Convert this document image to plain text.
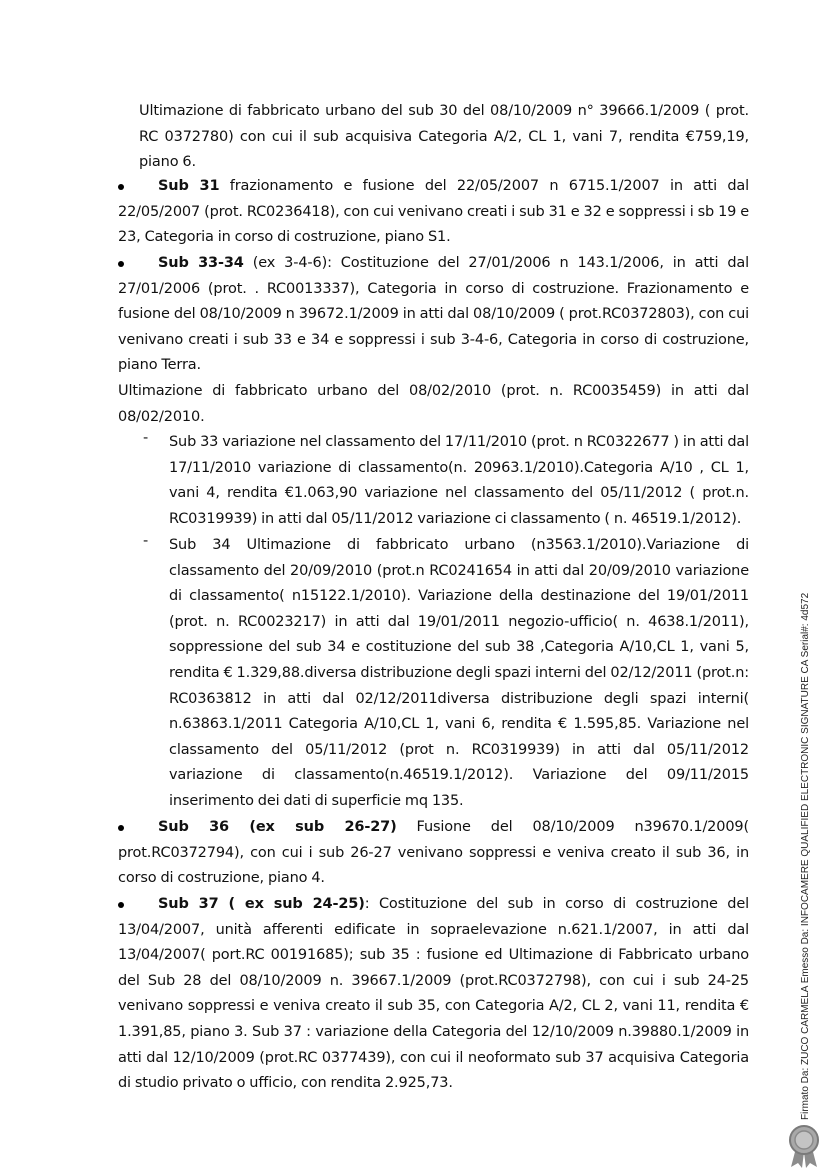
Ultimazione di fabbricato urbano del sub 30 del 08/10/2009 n° 39666.1/2009 ( prot. RC 0372780) con cui il sub acquisiva Categoria A/2, CL 1, vani 7, rendita €759,19, piano 6.
Sub 31 frazionamento e fusione del 22/05/2007 n 6715.1/2007 in atti dal 22/05/2007 (prot. RC0236418), con cui venivano creati i sub 31 e 32 e soppressi i sb 19 e 23, Categoria in corso di costruzione, piano S1.
Sub 33-34 (ex 3-4-6): Costituzione del 27/01/2006 n 143.1/2006, in atti dal 27/01/2006 (prot. . RC0013337), Categoria in corso di costruzione. Frazionamento e fusione del 08/10/2009 n 39672.1/2009 in atti dal 08/10/2009 ( prot.RC0372803), con cui venivano creati i sub 33 e 34 e soppressi i sub 3-4-6, Categoria in corso di costruzione, piano Terra.
Ultimazione di fabbricato urbano del 08/02/2010 (prot. n. RC0035459) in atti dal 08/02/2010.
- Sub 33 variazione nel classamento del 17/11/2010 (prot. n RC0322677 ) in atti dal 17/11/2010 variazione di classamento(n. 20963.1/2010).Categoria A/10 , CL 1, vani 4, rendita €1.063,90 variazione nel classamento del 05/11/2012 ( prot.n. RC0319939) in atti dal 05/11/2012 variazione ci classamento ( n. 46519.1/2012).
- Sub 34 Ultimazione di fabbricato urbano (n3563.1/2010).Variazione di classamento del 20/09/2010 (prot.n RC0241654 in atti dal 20/09/2010 variazione di classamento( n15122.1/2010). Variazione della destinazione del 19/01/2011 (prot. n. RC0023217) in atti dal 19/01/2011 negozio-ufficio( n. 4638.1/2011), soppressione del sub 34 e costituzione del sub 38 ,Categoria A/10,CL 1, vani 5, rendita € 1.329,88.diversa distribuzione degli spazi interni del 02/12/2011 (prot.n: RC0363812 in atti dal 02/12/2011diversa distribuzione degli spazi interni( n.63863.1/2011 Categoria A/10,CL 1, vani 6, rendita € 1.595,85. Variazione nel classamento del 05/11/2012 (prot n. RC0319939) in atti dal 05/11/2012 variazione di classamento(n.46519.1/2012). Variazione del 09/11/2015 inserimento dei dati di superficie mq 135.
Sub 36 (ex sub 26-27) Fusione del 08/10/2009 n39670.1/2009( prot.RC0372794), con cui i sub 26-27 venivano soppressi e veniva creato il sub 36, in corso di costruzione, piano 4.
Sub 37 ( ex sub 24-25): Costituzione del sub in corso di costruzione del 13/04/2007, unità afferenti edificate in sopraelevazione n.621.1/2007, in atti dal 13/04/2007( port.RC 00191685); sub 35 : fusione ed Ultimazione di Fabbricato urbano del Sub 28 del 08/10/2009 n. 39667.1/2009 (prot.RC0372798), con cui i sub 24-25 venivano soppressi e veniva creato il sub 35, con Categoria A/2, CL 2, vani 11, rendita € 1.391,85, piano 3. Sub 37 : variazione della Categoria del 12/10/2009 n.39880.1/2009 in atti dal 12/10/2009 (prot.RC 0377439), con cui il neoformato sub 37 acquisiva Categoria di studio privato o ufficio, con rendita 2.925,73.	Firmato Da: ZUCO CARMELA Emesso Da: INFOCAMERE QUALIFIED ELECTRONIC SIGNATURE CA Serial#: 4d572
